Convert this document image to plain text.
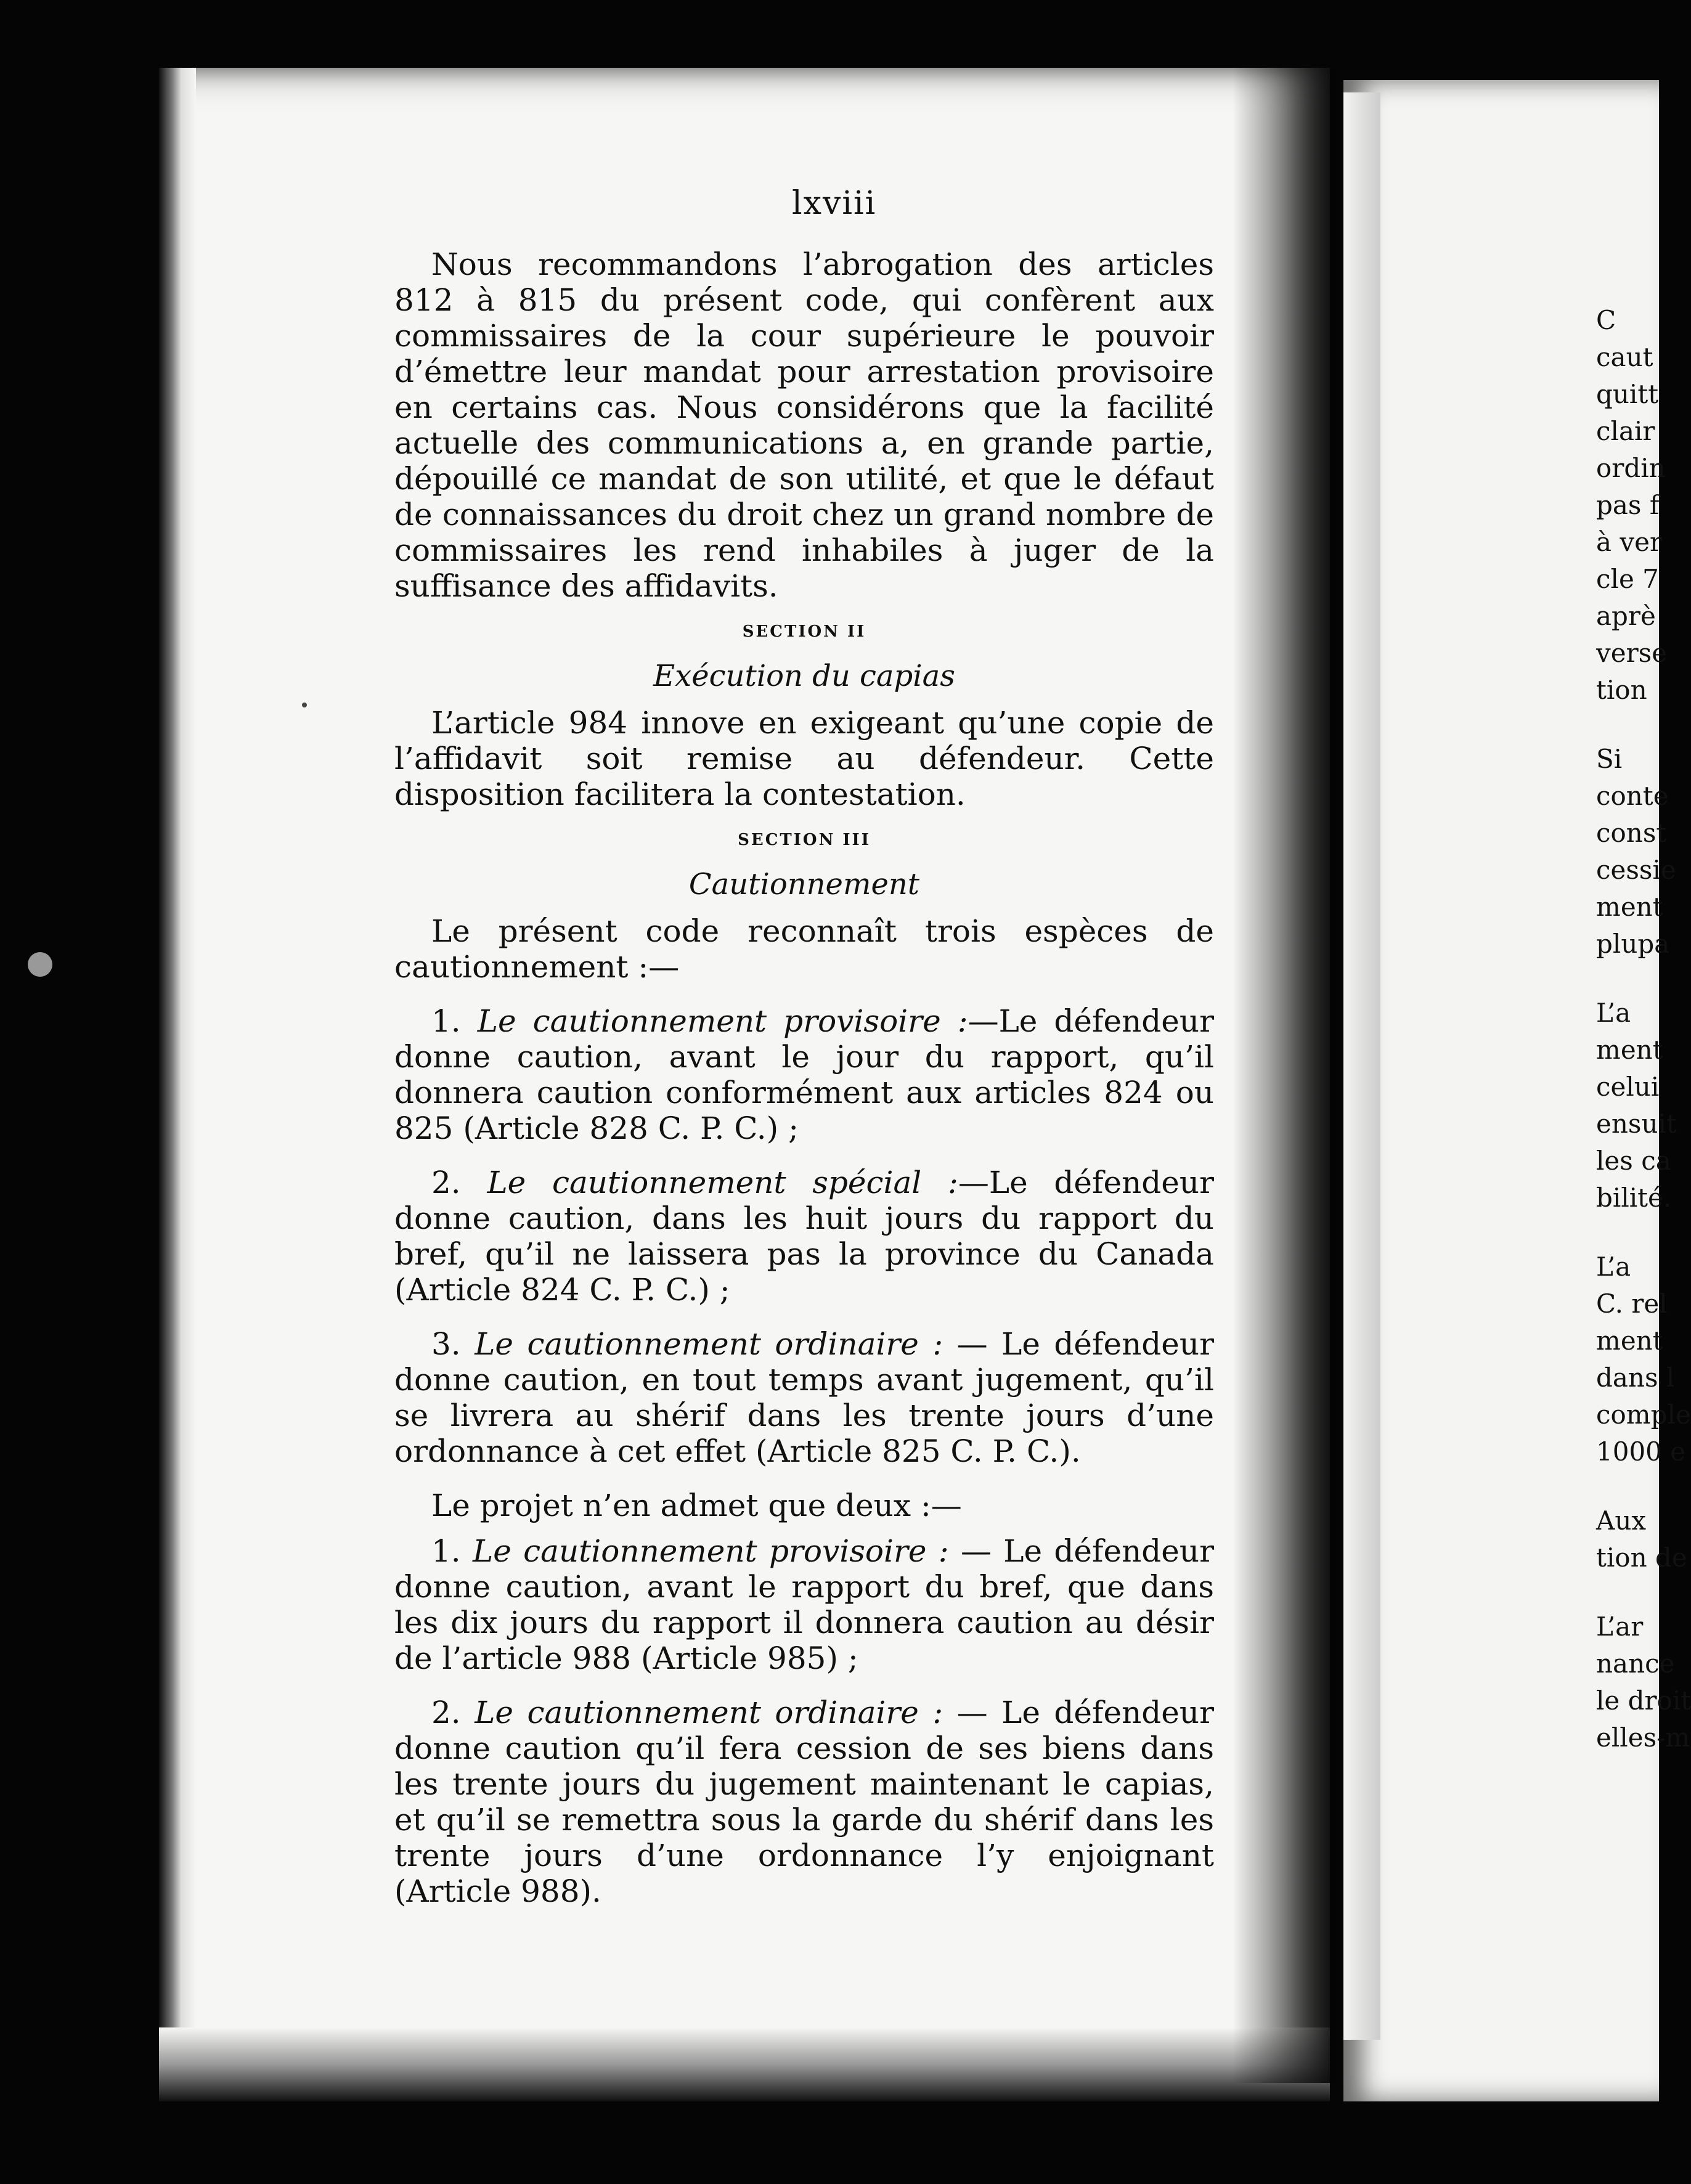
lxviii

Nous recommandons l’abrogation des articles 812 à 815 du présent code, qui confèrent aux commissaires de la cour supérieure le pouvoir d’émettre leur mandat pour arrestation provisoire en certains cas. Nous considérons que la facilité actuelle des communications a, en grande partie, dépouillé ce mandat de son utilité, et que le défaut de connaissances du droit chez un grand nombre de commissaires les rend inhabiles à juger de la suffisance des affidavits.

SECTION II

Exécution du capias

L’article 984 innove en exigeant qu’une copie de l’affidavit soit remise au défendeur. Cette disposition facilitera la contestation.

SECTION III

Cautionnement

Le présent code reconnaît trois espèces de cautionnement :—

1. Le cautionnement provisoire :—Le défendeur donne caution, avant le jour du rapport, qu’il donnera caution conformément aux articles 824 ou 825 (Article 828 C. P. C.) ;

2. Le cautionnement spécial :—Le défendeur donne caution, dans les huit jours du rapport du bref, qu’il ne laissera pas la province du Canada (Article 824 C. P. C.) ;

3. Le cautionnement ordinaire : — Le défendeur donne caution, en tout temps avant jugement, qu’il se livrera au shérif dans les trente jours d’une ordonnance à cet effet (Article 825 C. P. C.).

Le projet n’en admet que deux :—

1. Le cautionnement provisoire : — Le défendeur donne caution, avant le rapport du bref, que dans les dix jours du rapport il donnera caution au désir de l’article 988 (Article 985) ;

2. Le cautionnement ordinaire : — Le défendeur donne caution qu’il fera cession de ses biens dans les trente jours du jugement maintenant le capias, et qu’il se remettra sous la garde du shérif dans les trente jours d’une ordonnance l’y enjoignant (Article 988).

C
caut
quitt
clair
ordin
pas f
à ver
cle 7
aprè
verse
tion
Si
conte
const
cessie
ment
plupa
L’a
ment
celui
ensuit
les ca
bilité.
L’a
C. rel
ment
dans l
comple
1000 e
Aux
tion de
L’ar
nance
le droit
elles-m
